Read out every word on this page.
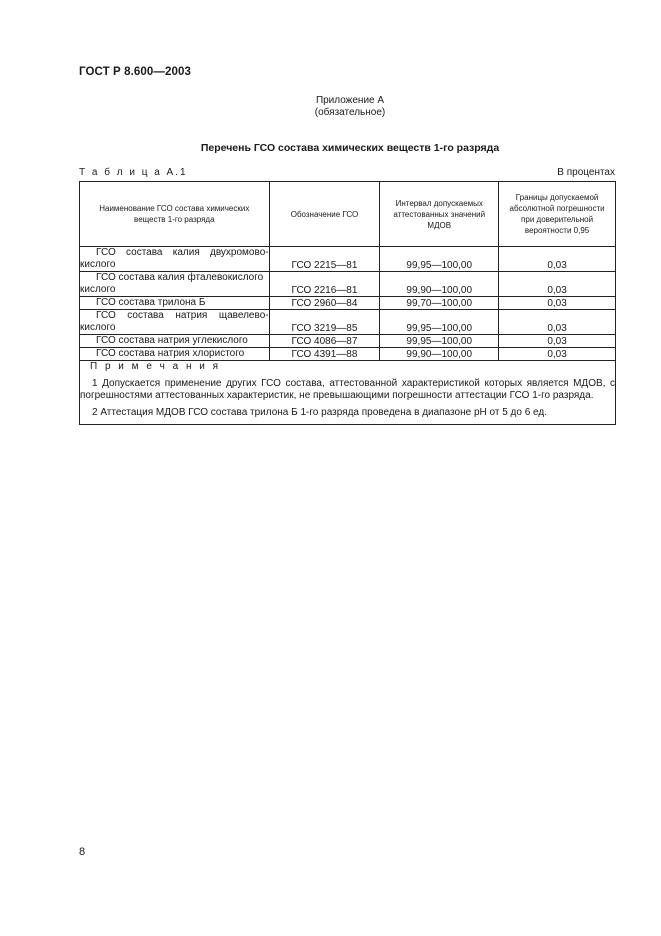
ГОСТ Р 8.600—2003
Приложение А
(обязательное)
Перечень ГСО состава химических веществ 1-го разряда
Т а б л и ц а А.1	В процентах
Наименование ГСО состава химических веществ 1-го разряда	Обозначение ГСО	Интервал допускаемых аттестованных значений МДОВ	Границы допускаемой абсолютной погрешности при доверительной вероятности 0,95

ГСО состава калия двухромово-
кислого	ГСО 2215—81	99,95—100,00	0,03

ГСО состава калия фталевокислого
кислого	ГСО 2216—81	99,90—100,00	0,03

ГСО состава трилона Б	ГСО 2960—84	99,70—100,00	0,03

ГСО состава натрия щавелево-
кислого	ГСО 3219—85	99,95—100,00	0,03

ГСО состава натрия углекислого	ГСО 4086—87	99,95—100,00	0,03

ГСО состава натрия хлористого	ГСО 4391—88	99,90—100,00	0,03

П р и м е ч а н и я
1 Допускается применение других ГСО состава, аттестованной характеристикой которых является МДОВ, с погрешностями аттестованных характеристик, не превышающими погрешности аттестации ГСО 1-го разряда.
2 Аттестация МДОВ ГСО состава трилона Б 1-го разряда проведена в диапазоне pH от 5 до 6 ед.			
8
